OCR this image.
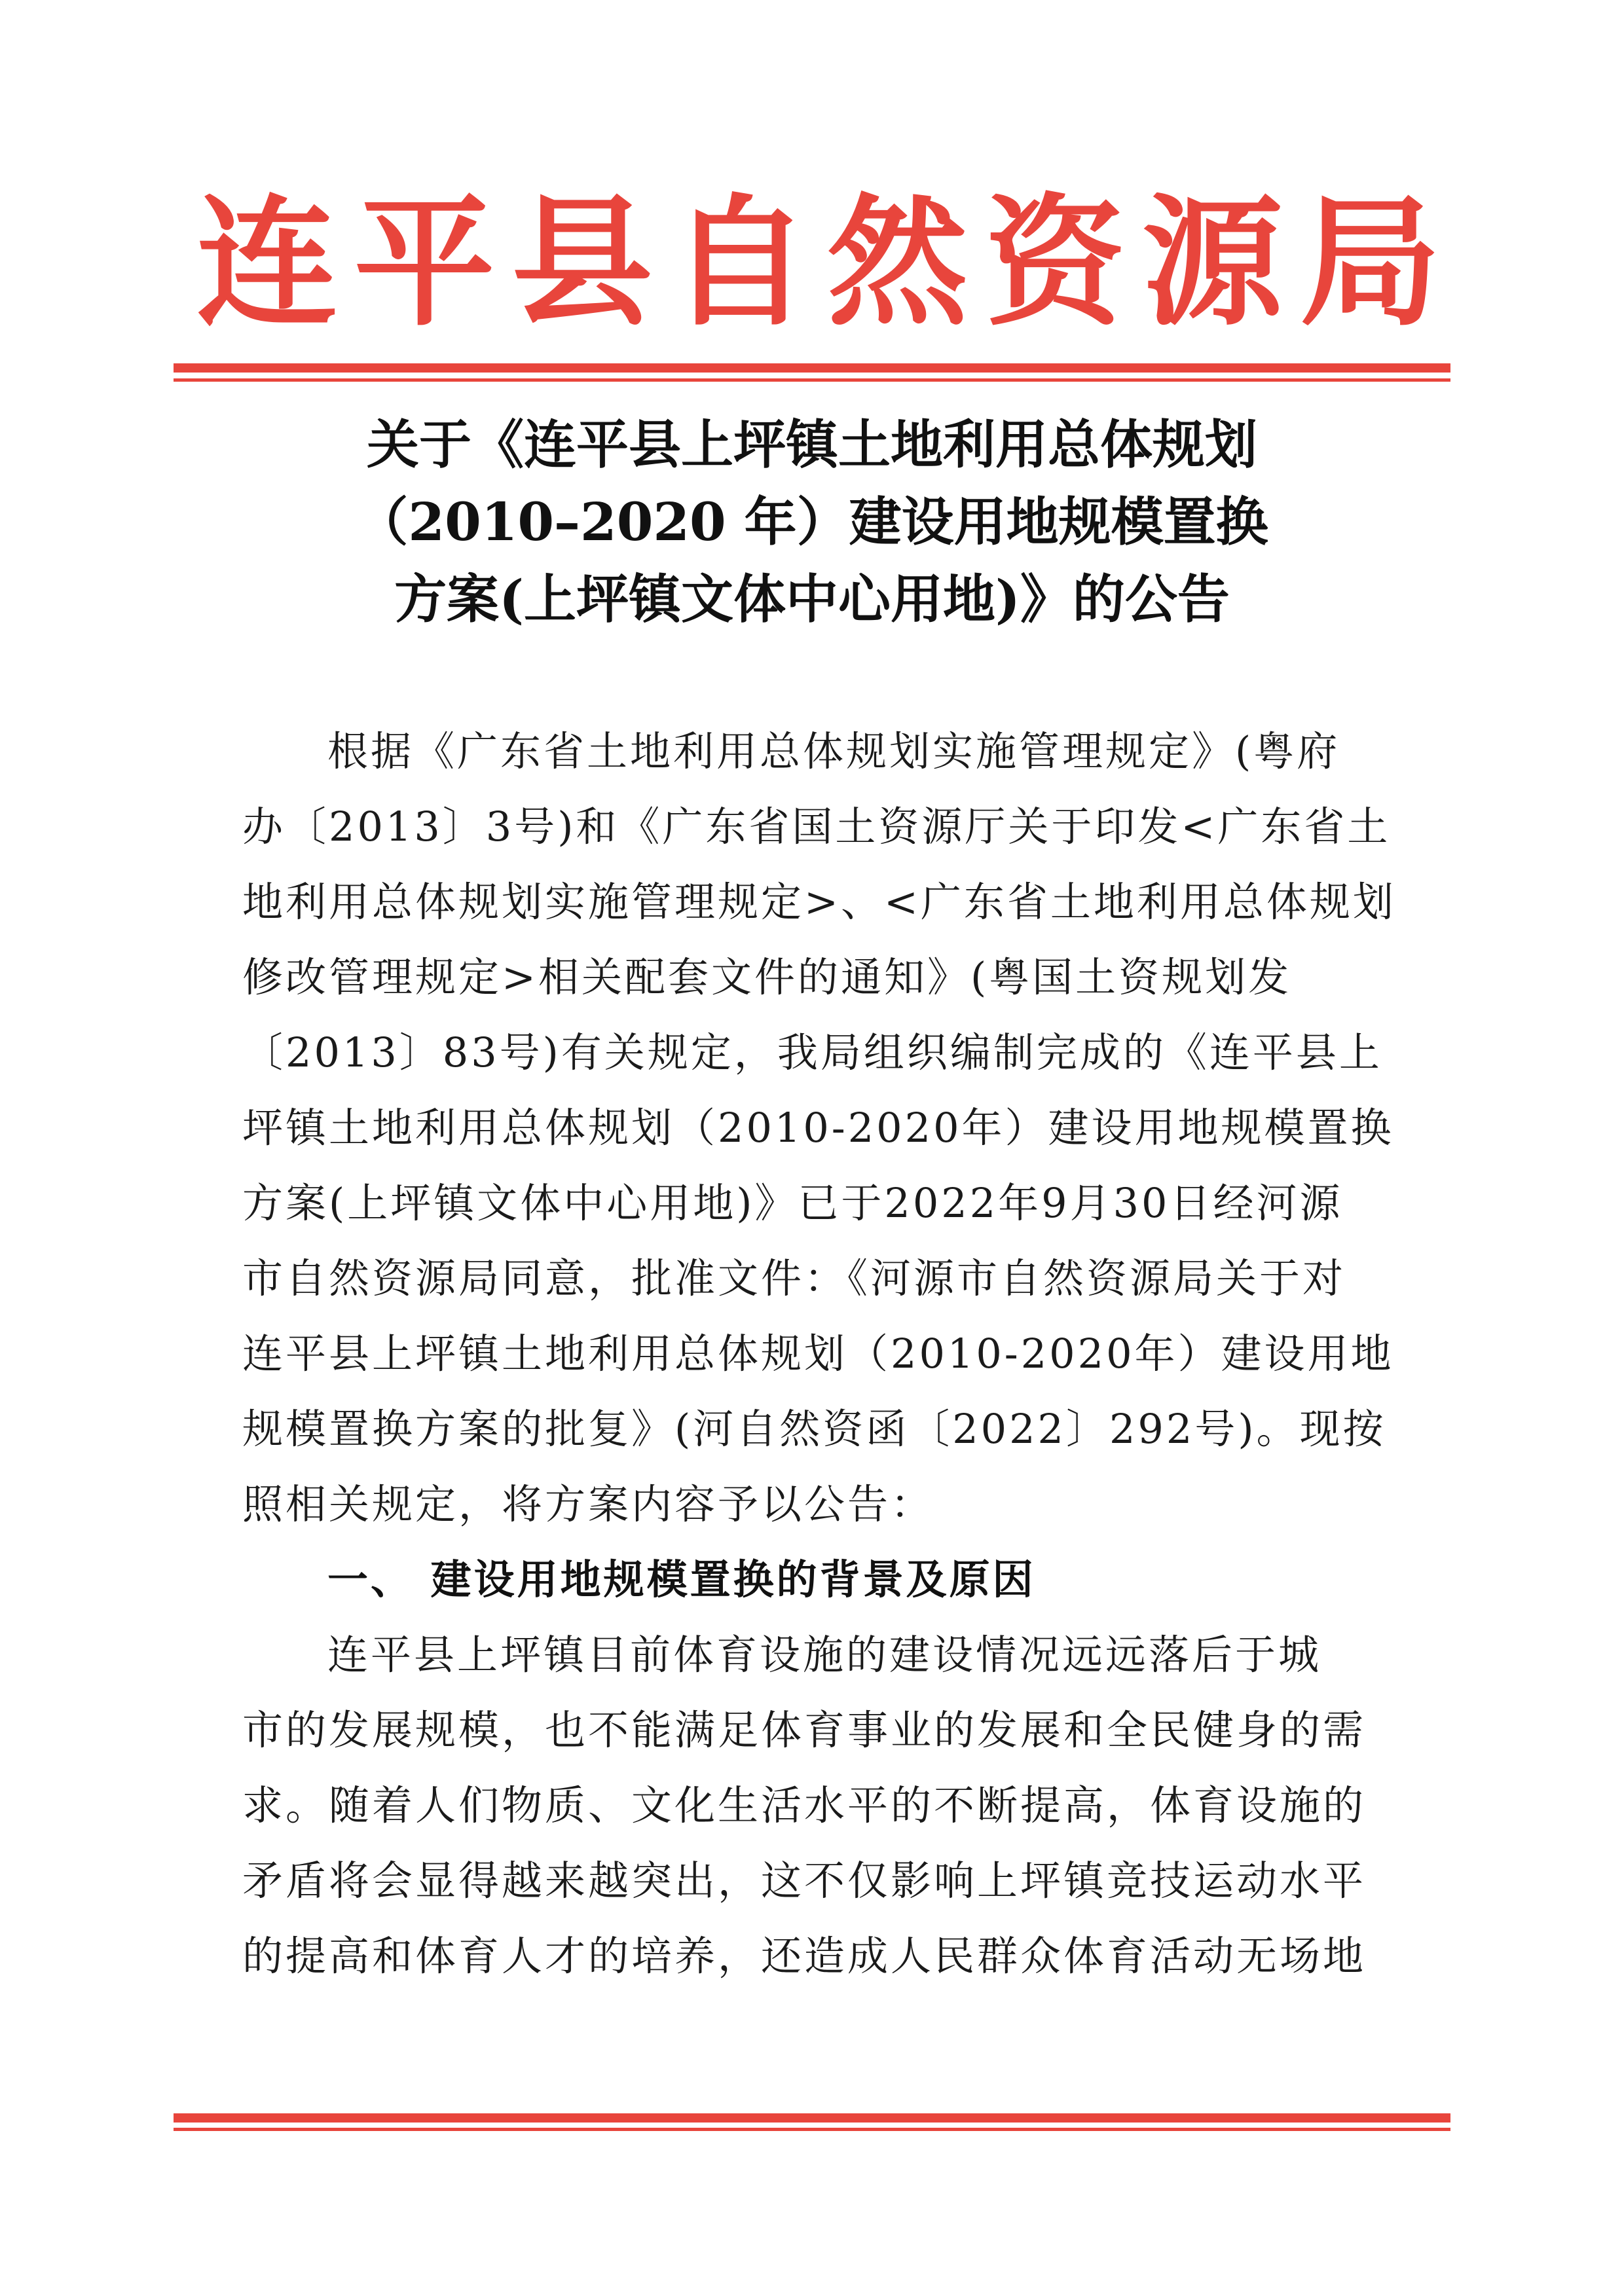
连 平 县 自 然 资 源 局
关于《连平县上坪镇土地利用总体规划
（2010–2020 年）建设用地规模置换
方案(上坪镇文体中心用地)》的公告
根据《广东省土地利用总体规划实施管理规定》(粤府
办〔2013〕3号)和《广东省国土资源厅关于印发<广东省土
地利用总体规划实施管理规定>、<广东省土地利用总体规划
修改管理规定>相关配套文件的通知》(粤国土资规划发
〔2013〕83号)有关规定，我局组织编制完成的《连平县上
坪镇土地利用总体规划（2010-2020年）建设用地规模置换
方案(上坪镇文体中心用地)》已于2022年9月30日经河源
市自然资源局同意，批准文件：《河源市自然资源局关于对
连平县上坪镇土地利用总体规划（2010-2020年）建设用地
规模置换方案的批复》(河自然资函〔2022〕292号)。现按
照相关规定，将方案内容予以公告：
一、 建设用地规模置换的背景及原因
连平县上坪镇目前体育设施的建设情况远远落后于城
市的发展规模，也不能满足体育事业的发展和全民健身的需
求。随着人们物质、文化生活水平的不断提高，体育设施的
矛盾将会显得越来越突出，这不仅影响上坪镇竞技运动水平
的提高和体育人才的培养，还造成人民群众体育活动无场地
